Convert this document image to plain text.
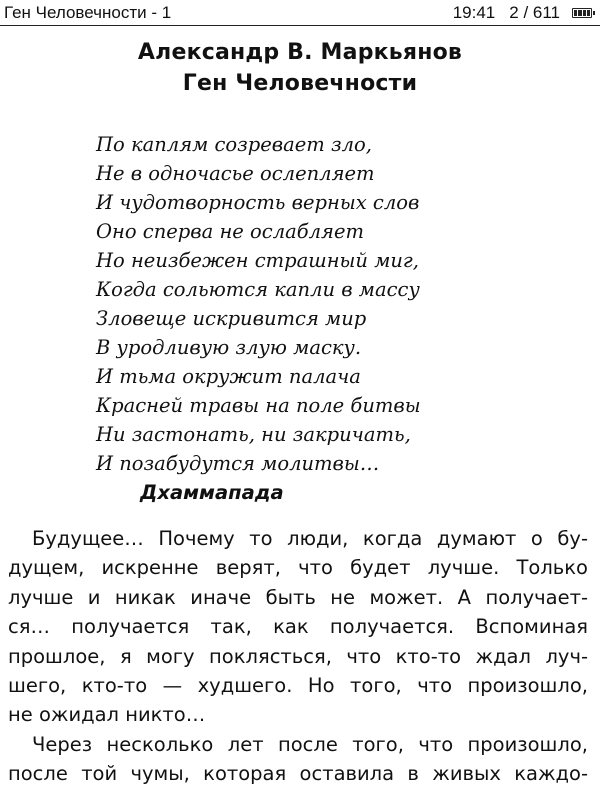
Ген Человечности - 1	19:41 2 / 611
Александр В. Маркьянов
Ген Человечности
По каплям созревает зло,
Не в одночасье ослепляет
И чудотворность верных слов
Оно сперва не ослабляет
Но неизбежен страшный миг,
Когда сольются капли в массу
Зловеще искривится мир
В уродливую злую маску.
И тьма окружит палача
Красней травы на поле битвы
Ни застонать, ни закричать,
И позабудутся молитвы…
Дхаммапада

Будущее… Почему то люди, когда думают о бу-
дущем, искренне верят, что будет лучше. Только
лучше и никак иначе быть не может. А получает-
ся… получается так, как получается. Вспоминая
прошлое, я могу поклясться, что кто-то ждал луч-
шего, кто-то — худшего. Но того, что произошло,
не ожидал никто…

Через несколько лет после того, что произошло,
после той чумы, которая оставила в живых каждо-
